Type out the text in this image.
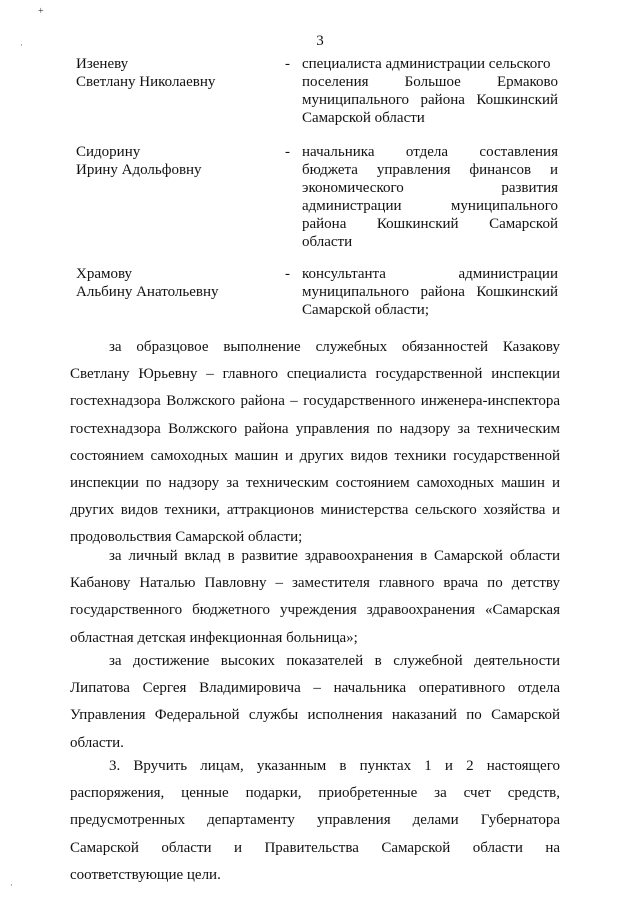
+
·
·
3
Изеневу
Светлану Николаевну
- специалиста администрации сельского
поселения Большое Ермаково
муниципального района Кошкинский
Самарской области
Сидорину
Ирину Адольфовну
- начальника отдела составления
бюджета управления финансов и
экономического развития
администрации муниципального
района Кошкинский Самарской
области
Храмову
Альбину Анатольевну
- консультанта администрации
муниципального района Кошкинский
Самарской области;
за образцовое выполнение служебных обязанностей Казакову
Светлану Юрьевну – главного специалиста государственной инспекции
гостехнадзора Волжского района – государственного инженера-инспектора
гостехнадзора Волжского района управления по надзору за техническим
состоянием самоходных машин и других видов техники государственной
инспекции по надзору за техническим состоянием самоходных машин и
других видов техники, аттракционов министерства сельского хозяйства и
продовольствия Самарской области;
за личный вклад в развитие здравоохранения в Самарской области
Кабанову Наталью Павловну – заместителя главного врача по детству
государственного бюджетного учреждения здравоохранения «Самарская
областная детская инфекционная больница»;
за достижение высоких показателей в служебной деятельности
Липатова Сергея Владимировича – начальника оперативного отдела
Управления Федеральной службы исполнения наказаний по Самарской
области.
3. Вручить лицам, указанным в пунктах 1 и 2 настоящего
распоряжения, ценные подарки, приобретенные за счет средств,
предусмотренных департаменту управления делами Губернатора
Самарской области и Правительства Самарской области на
соответствующие цели.
